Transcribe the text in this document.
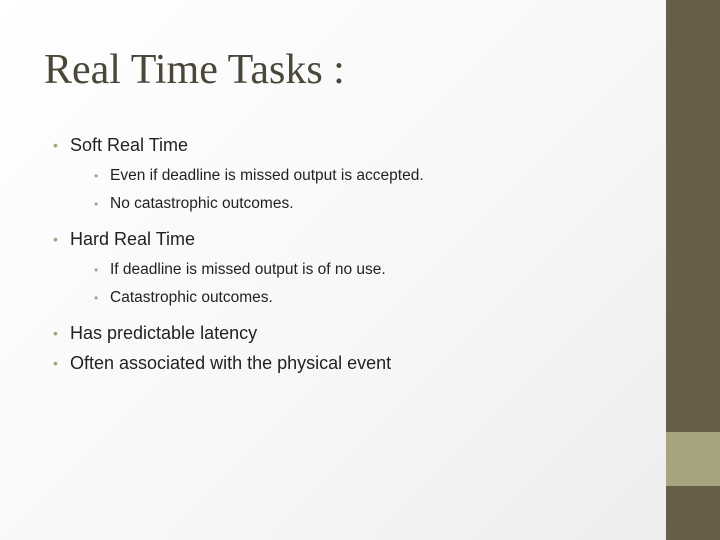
Real Time Tasks :
• Soft Real Time
• Even if deadline is missed output is accepted.
• No catastrophic outcomes.
• Hard Real Time
• If deadline is missed output is of no use.
• Catastrophic outcomes.
• Has predictable latency
• Often associated with the physical event
